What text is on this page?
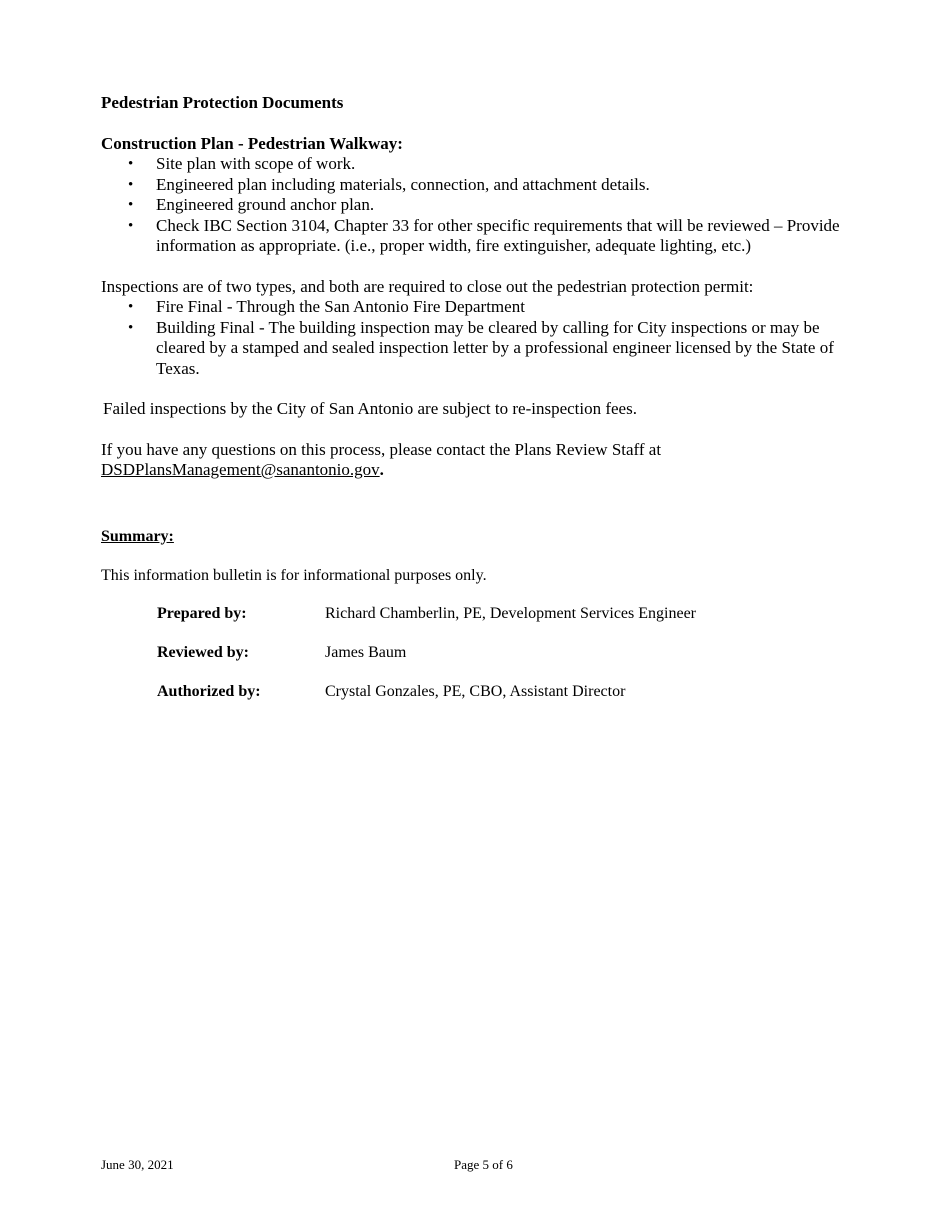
Pedestrian Protection Documents

Construction Plan - Pedestrian Walkway:

• Site plan with scope of work.
• Engineered plan including materials, connection, and attachment details.
• Engineered ground anchor plan.
• Check IBC Section 3104, Chapter 33 for other specific requirements that will be reviewed – Provide information as appropriate. (i.e., proper width, fire extinguisher, adequate lighting, etc.)

Inspections are of two types, and both are required to close out the pedestrian protection permit:

• Fire Final - Through the San Antonio Fire Department
• Building Final - The building inspection may be cleared by calling for City inspections or may be cleared by a stamped and sealed inspection letter by a professional engineer licensed by the State of Texas.

Failed inspections by the City of San Antonio are subject to re-inspection fees.

If you have any questions on this process, please contact the Plans Review Staff at
DSDPlansManagement@sanantonio.gov.

Summary:

This information bulletin is for informational purposes only.

Prepared by:	Richard Chamberlin, PE, Development Services Engineer
Reviewed by:	James Baum
Authorized by:	Crystal Gonzales, PE, CBO, Assistant Director
June 30, 2021	Page 5 of 6
